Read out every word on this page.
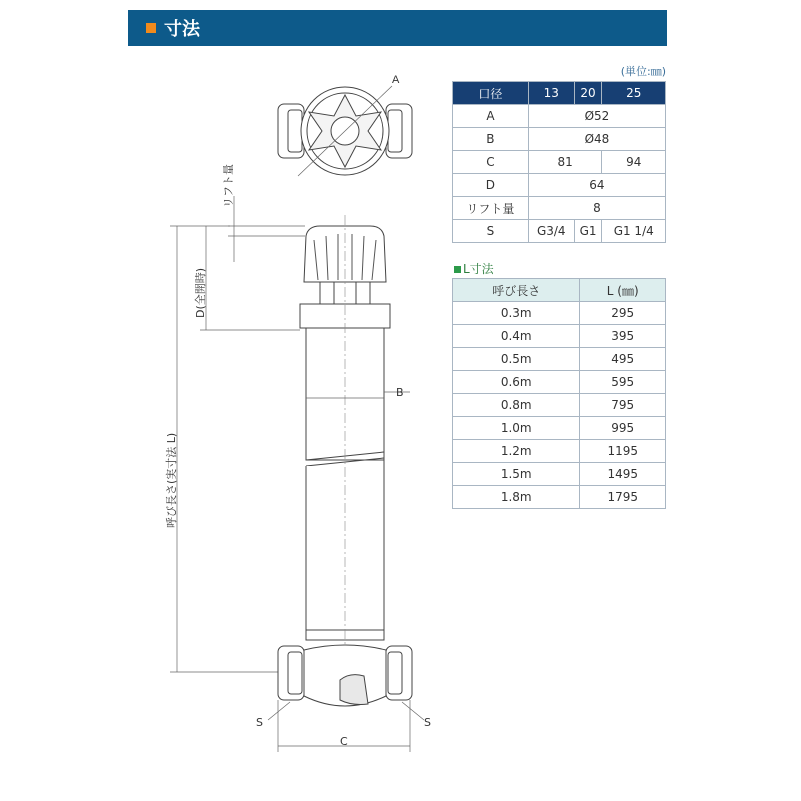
寸法
A
リフト量
D(全開時)
呼び長さ(実寸法 L)
B
S	S
C
(単位:㎜)
口径	13	20	25
A	Ø52		
B	Ø48		
C	81		94
D	64		
リフト量	8		
S	G3/4	G1	G1 1/4
L寸法
呼び長さ	L (㎜)
0.3m	295
0.4m	395
0.5m	495
0.6m	595
0.8m	795
1.0m	995
1.2m	1195
1.5m	1495
1.8m	1795
